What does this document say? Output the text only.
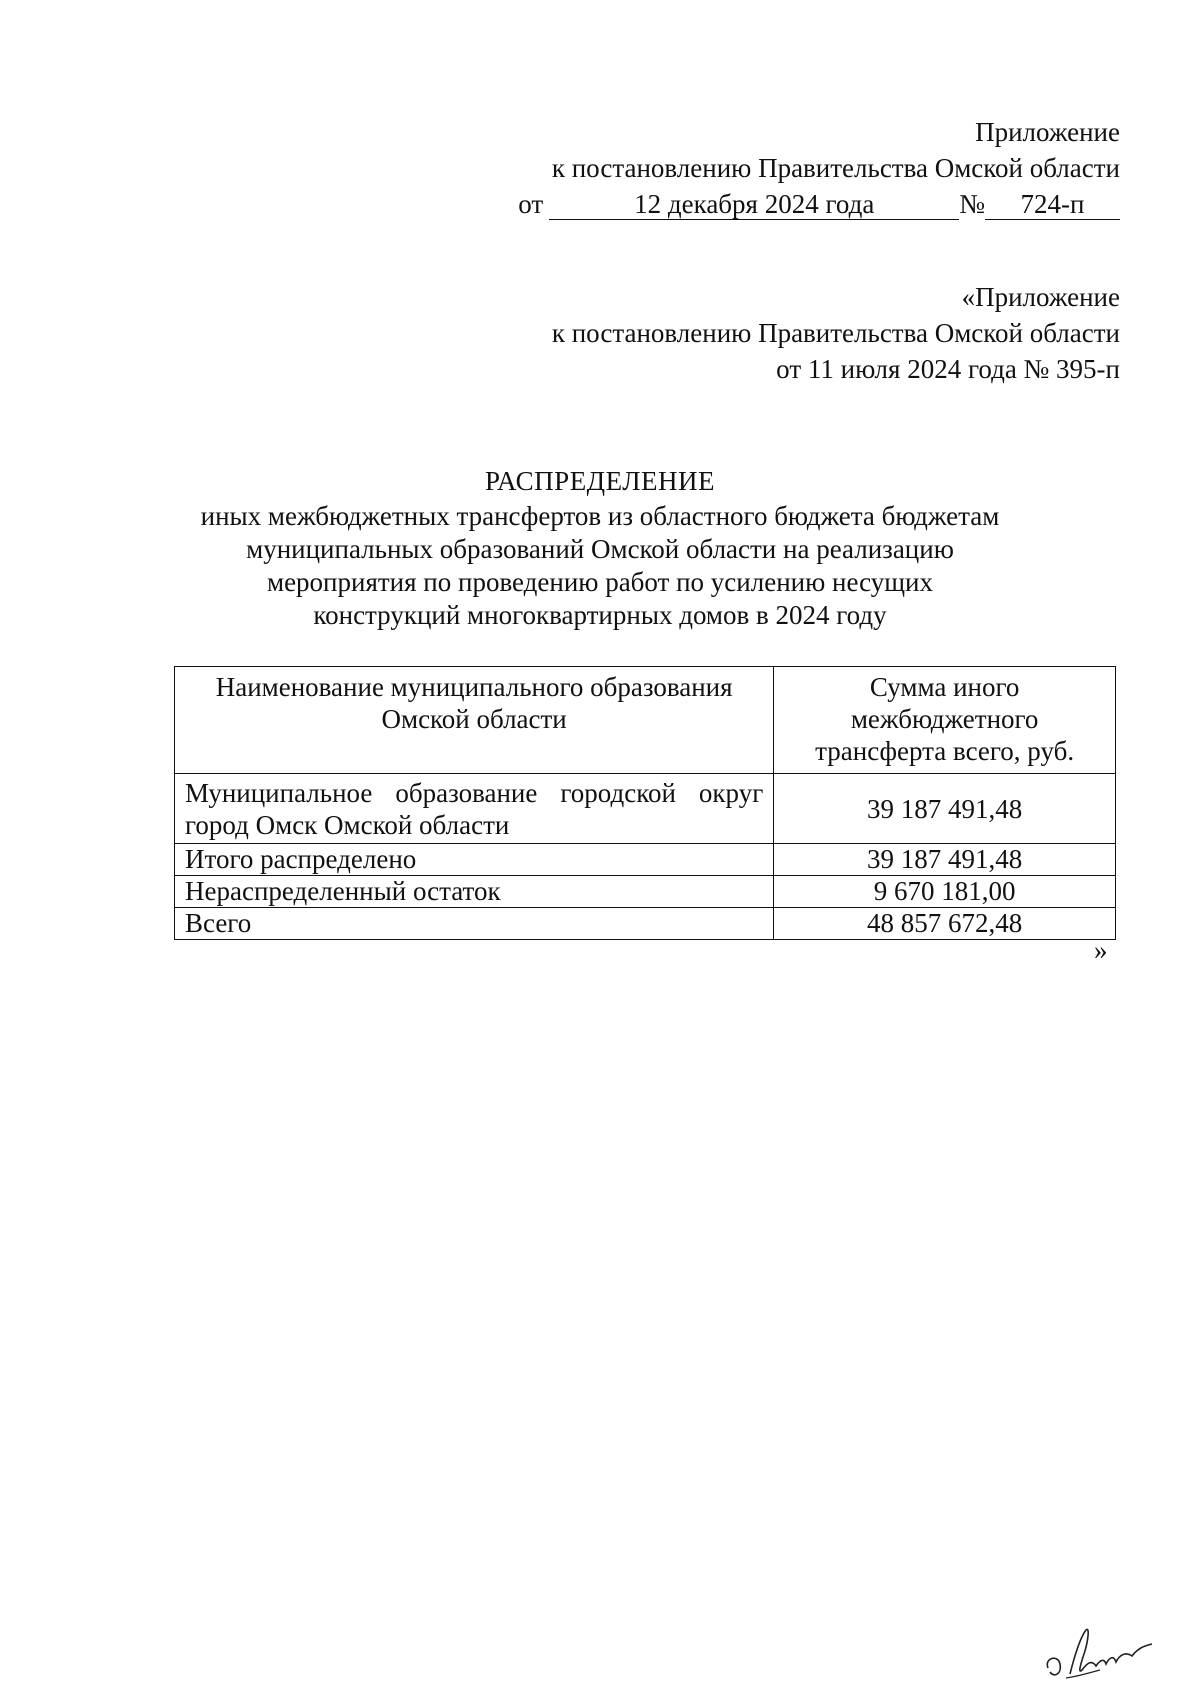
Приложение
к постановлению Правительства Омской области
от	12 декабря 2024 года	№ 724-п
«Приложение
к постановлению Правительства Омской области
от 11 июля 2024 года № 395-п
РАСПРЕДЕЛЕНИЕ
иных межбюджетных трансфертов из областного бюджета бюджетам
муниципальных образований Омской области на реализацию
мероприятия по проведению работ по усилению несущих
конструкций многоквартирных домов в 2024 году
Наименование муниципального образования Омской области	Сумма иного межбюджетного трансферта всего, руб.
Муниципальное образование городской округ город Омск Омской области	39 187 491,48
Итого распределено	39 187 491,48
Нераспределенный остаток	9 670 181,00
Всего	48 857 672,48
»
